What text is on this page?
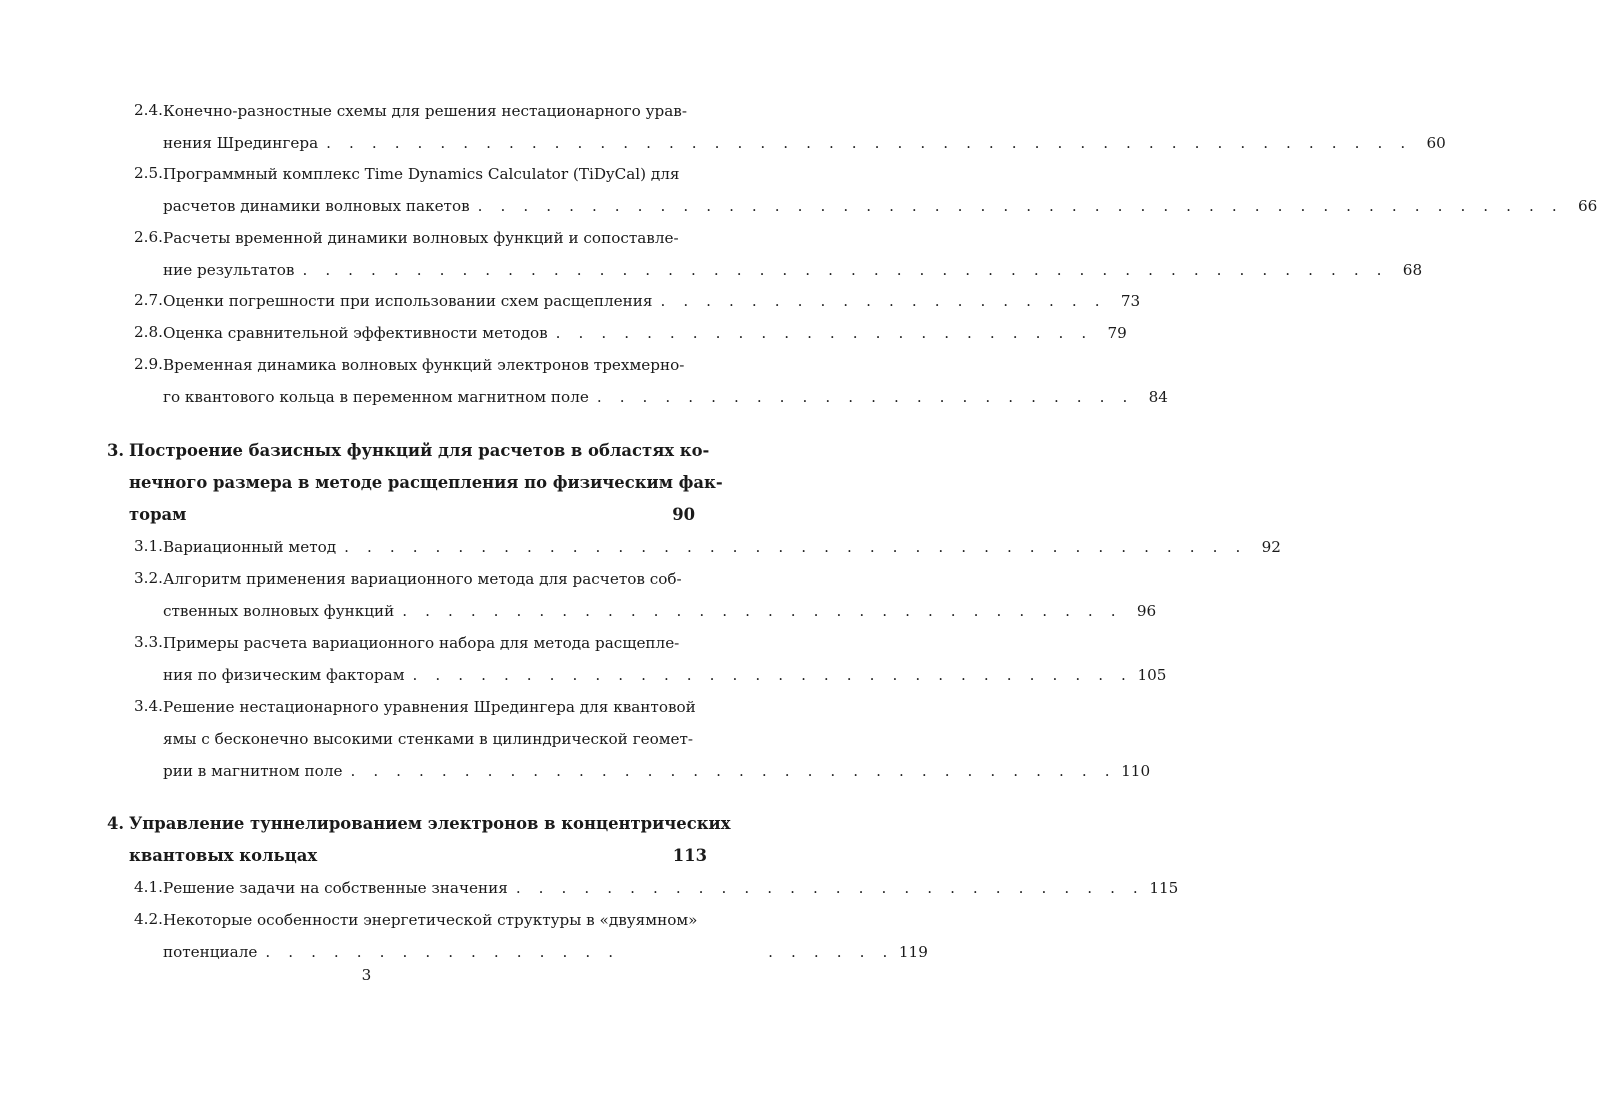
Конечно-разностные схемы для решения нестационарного урав-
2.4.
нения Шредингера . . . . . . . . . . . . . . . . . . . . . . . . . . . . . . . . . . . . . . . . . . . . . . . . 60
2.5. Программный комплекс Time Dynamics Calculator (TiDyCal) для
расчетов динамики волновых пакетов . . . . . . . . . . . . . . . . . . . . . . . . . . . . . . . . . . . . . . . . . . . . . . . . 66
2.6. Расчеты временной динамики волновых функций и сопоставле-
ние результатов . . . . . . . . . . . . . . . . . . . . . . . . . . . . . . . . . . . . . . . . . . . . . . . . 68
2.7. Оценки погрешности при использовании схем расщепления . . . . . . . . . . . . . . . . . . . . 73
2.8. Оценка сравнительной эффективности методов . . . . . . . . . . . . . . . . . . . . . . . . 79
2.9. Временная динамика волновых функций электронов трехмерно-
го квантового кольца в переменном магнитном поле . . . . . . . . . . . . . . . . . . . . . . . . 84
3. Построение базисных функций для расчетов в областях ко-
нечного размера в методе расщепления по физическим фак-
торам	90
3.1. Вариационный метод . . . . . . . . . . . . . . . . . . . . . . . . . . . . . . . . . . . . . . . . 92
3.2. Алгоритм применения вариационного метода для расчетов соб-
ственных волновых функций . . . . . . . . . . . . . . . . . . . . . . . . . . . . . . . . 96
3.3. Примеры расчета вариационного набора для метода расщепле-
ния по физическим факторам . . . . . . . . . . . . . . . . . . . . . . . . . . . . . . . . 105
3.4. Решение нестационарного уравнения Шредингера для квантовой
ямы с бесконечно высокими стенками в цилиндрической геомет-
рии в магнитном поле . . . . . . . . . . . . . . . . . . . . . . . . . . . . . . . . . . 110
4. Управление туннелированием электронов в концентрических
квантовых кольцах	113
4.1. Решение задачи на собственные значения . . . . . . . . . . . . . . . . . . . . . . . . . . . . 115
4.2. Некоторые особенности энергетической структуры в «двуямном»
потенциале . . . . . . . . . . . . . . . .             . . . . . . 119
3
